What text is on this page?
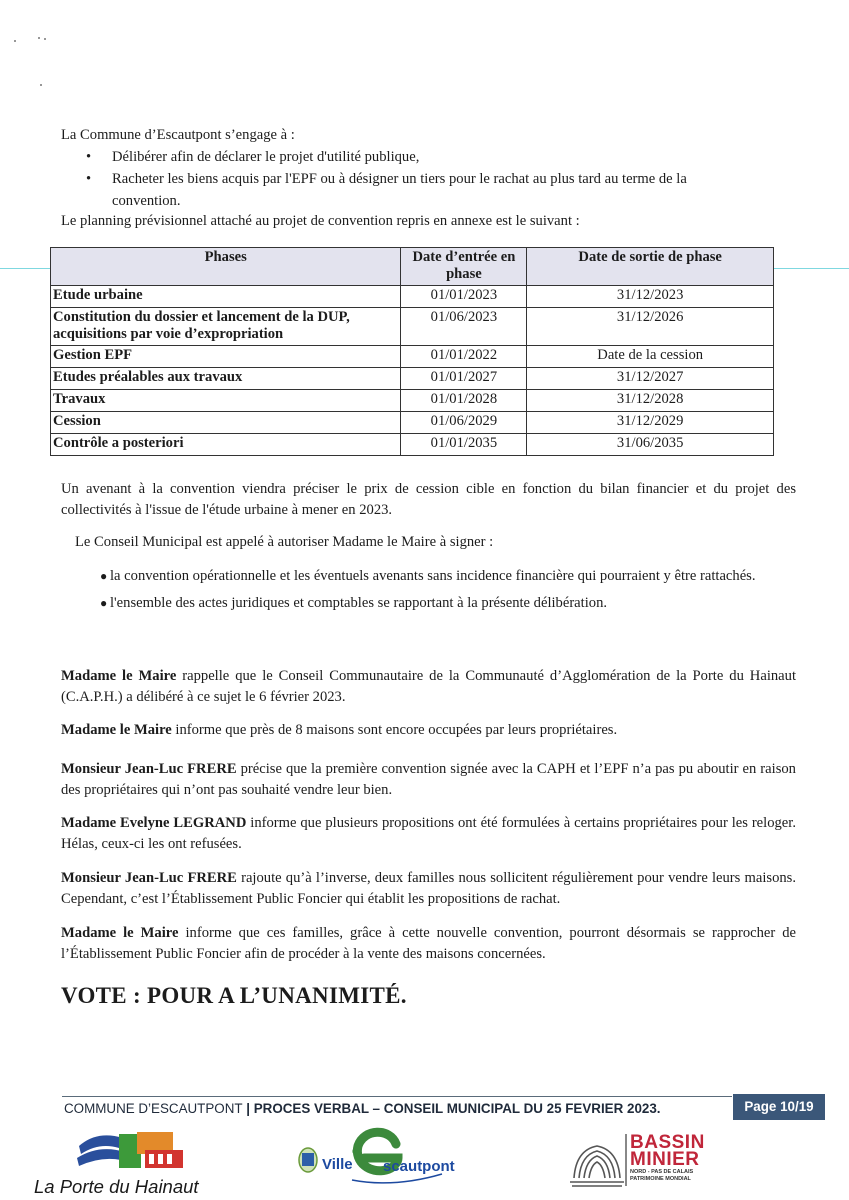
La Commune d’Escautpont s’engage à :

• Délibérer afin de déclarer le projet d'utilité publique,
• Racheter les biens acquis par l'EPF ou à désigner un tiers pour le rachat au plus tard au terme de la convention.

Le planning prévisionnel attaché au projet de convention repris en annexe est le suivant :

Phases	Date d’entrée en phase	Date de sortie de phase
Etude urbaine	01/01/2023	31/12/2023
Constitution du dossier et lancement de la DUP, acquisitions par voie d’expropriation	01/06/2023	31/12/2026
Gestion EPF	01/01/2022	Date de la cession
Etudes préalables aux travaux	01/01/2027	31/12/2027
Travaux	01/01/2028	31/12/2028
Cession	01/06/2029	31/12/2029
Contrôle a posteriori	01/01/2035	31/06/2035

Un avenant à la convention viendra préciser le prix de cession cible en fonction du bilan financier et du projet des collectivités à l'issue de l'étude urbaine à mener en 2023.

Le Conseil Municipal est appelé à autoriser Madame le Maire à signer :

● la convention opérationnelle et les éventuels avenants sans incidence financière qui pourraient y être rattachés.
● l'ensemble des actes juridiques et comptables se rapportant à la présente délibération.

Madame le Maire rappelle que le Conseil Communautaire de la Communauté d’Agglomération de la Porte du Hainaut (C.A.P.H.) a délibéré à ce sujet le 6 février 2023.

Madame le Maire informe que près de 8 maisons sont encore occupées par leurs propriétaires.

Monsieur Jean-Luc FRERE précise que la première convention signée avec la CAPH et l’EPF n’a pas pu aboutir en raison des propriétaires qui n’ont pas souhaité vendre leur bien.

Madame Evelyne LEGRAND informe que plusieurs propositions ont été formulées à certains propriétaires pour les reloger. Hélas, ceux-ci les ont refusées.

Monsieur Jean-Luc FRERE rajoute qu’à l’inverse, deux familles nous sollicitent régulièrement pour vendre leurs maisons. Cependant, c’est l’Établissement Public Foncier qui établit les propositions de rachat.

Madame le Maire informe que ces familles, grâce à cette nouvelle convention, pourront désormais se rapprocher de l’Établissement Public Foncier afin de procéder à la vente des maisons concernées.

VOTE : POUR A L’UNANIMITÉ.
COMMUNE D’ESCAUTPONT | PROCES VERBAL – CONSEIL MUNICIPAL DU 25 FEVRIER 2023.	Page 10/19
La Porte du Hainaut
Ville
d'
scautpont
BASSIN
MINIER
NORD - PAS DE CALAIS
PATRIMOINE MONDIAL
